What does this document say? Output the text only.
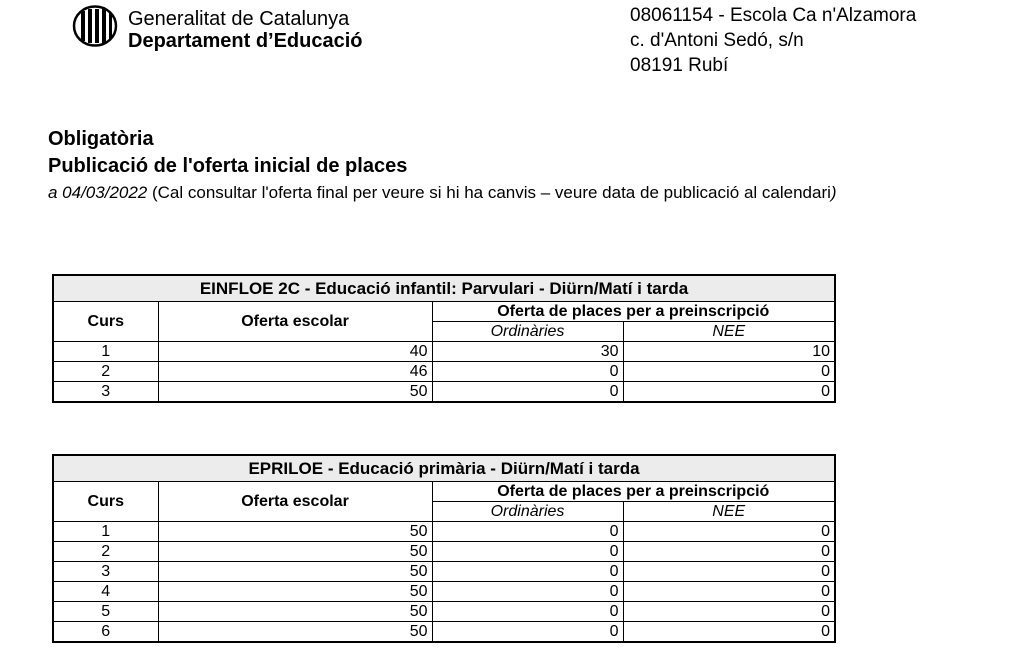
Generalitat de Catalunya
Departament d’Educació
08061154 - Escola Ca n'Alzamora
c. d'Antoni Sedó, s/n
08191 Rubí
Obligatòria
Publicació de l'oferta inicial de places
a 04/03/2022 (Cal consultar l'oferta final per veure si hi ha canvis – veure data de publicació al calendari)
EINFLOE 2C - Educació infantil: Parvulari - Diürn/Matí i tarda			
Curs	Oferta escolar	Oferta de places per a preinscripció	
		Ordinàries	NEE
1	40	30	10
2	46	0	0
3	50	0	0
EPRILOE - Educació primària - Diürn/Matí i tarda			
Curs	Oferta escolar	Oferta de places per a preinscripció	
		Ordinàries	NEE
1	50	0	0
2	50	0	0
3	50	0	0
4	50	0	0
5	50	0	0
6	50	0	0
